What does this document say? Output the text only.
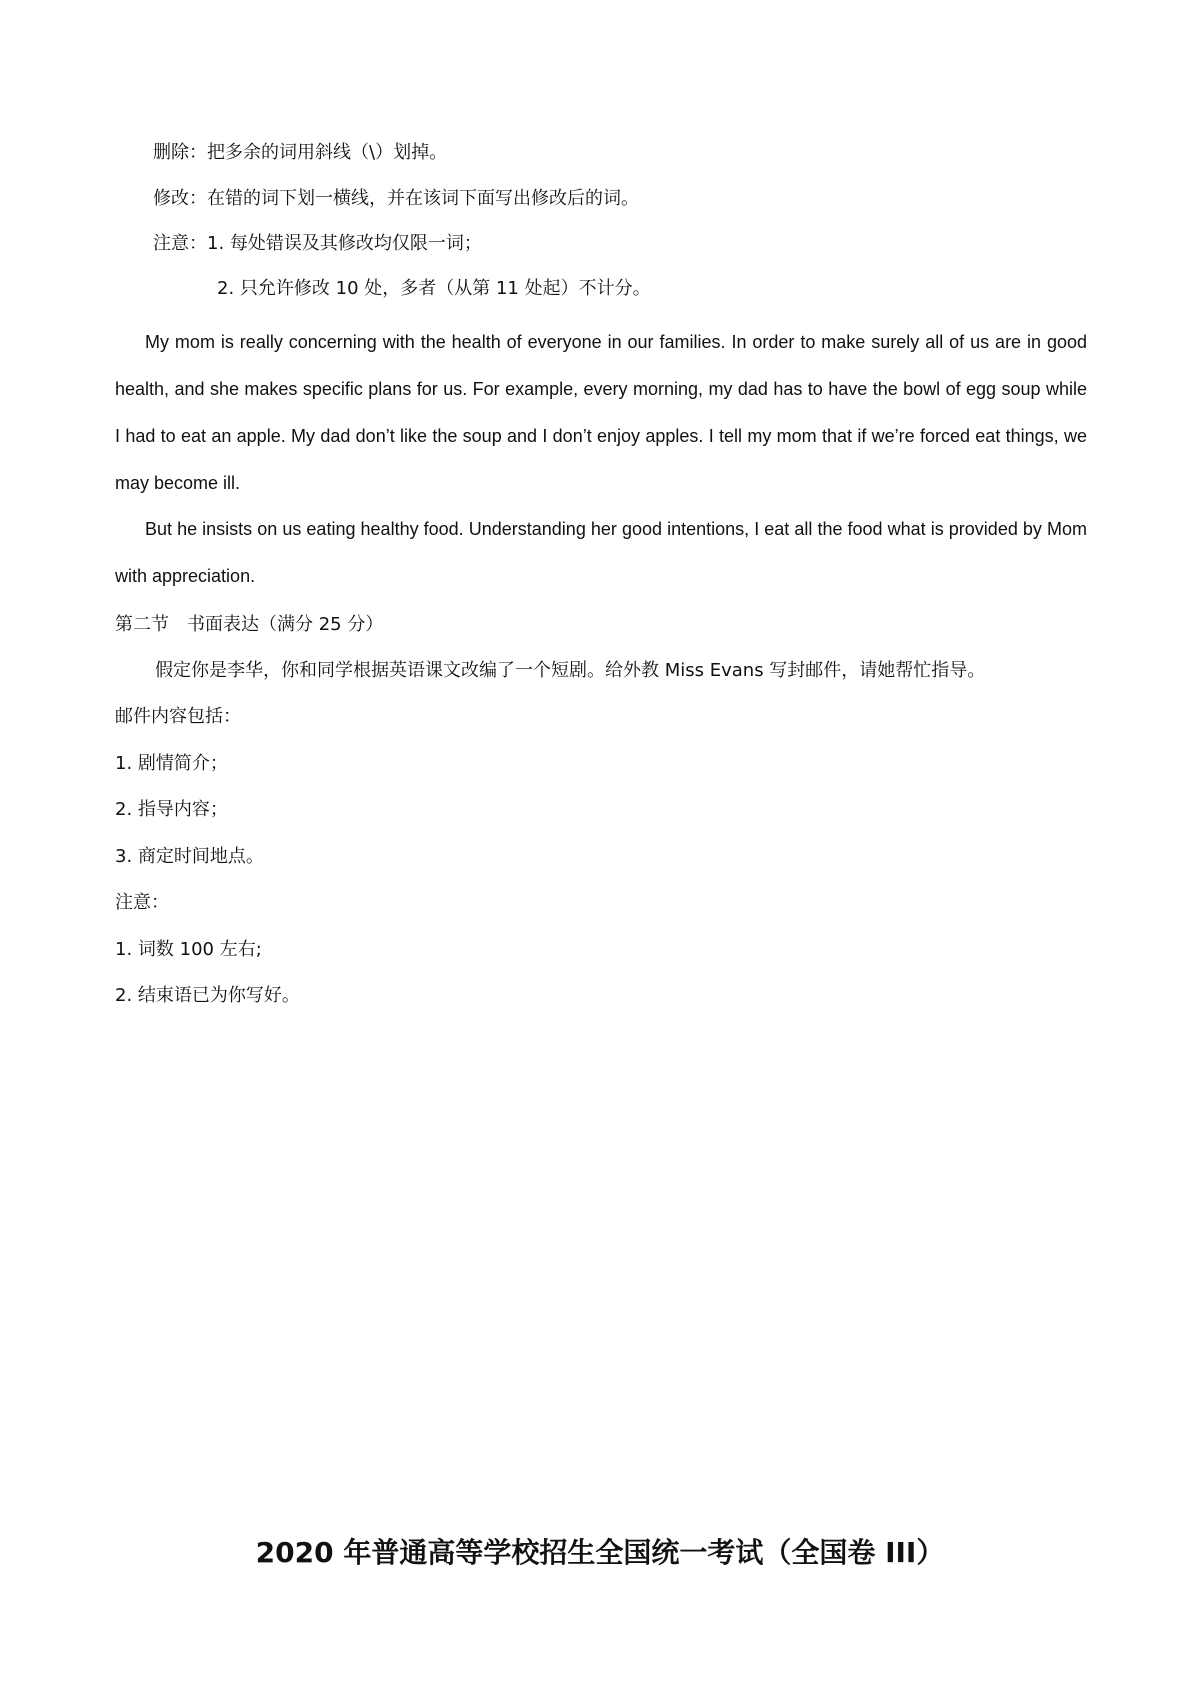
删除：把多余的词用斜线（\）划掉。
修改：在错的词下划一横线，并在该词下面写出修改后的词。
注意：1. 每处错误及其修改均仅限一词；
2. 只允许修改 10 处，多者（从第 11 处起）不计分。
My mom is really concerning with the health of everyone in our families. In order to make surely all of us are in good health, and she makes specific plans for us. For example, every morning, my dad has to have the bowl of egg soup while I had to eat an apple. My dad don’t like the soup and I don’t enjoy apples. I tell my mom that if we’re forced eat things, we may become ill.
But he insists on us eating healthy food. Understanding her good intentions, I eat all the food what is provided by Mom with appreciation.
第二节　书面表达（满分 25 分）
假定你是李华，你和同学根据英语课文改编了一个短剧。给外教 Miss Evans 写封邮件，请她帮忙指导。
邮件内容包括：
1. 剧情简介；
2. 指导内容；
3. 商定时间地点。
注意：
1. 词数 100 左右;
2. 结束语已为你写好。
2020 年普通高等学校招生全国统一考试（全国卷 III）
